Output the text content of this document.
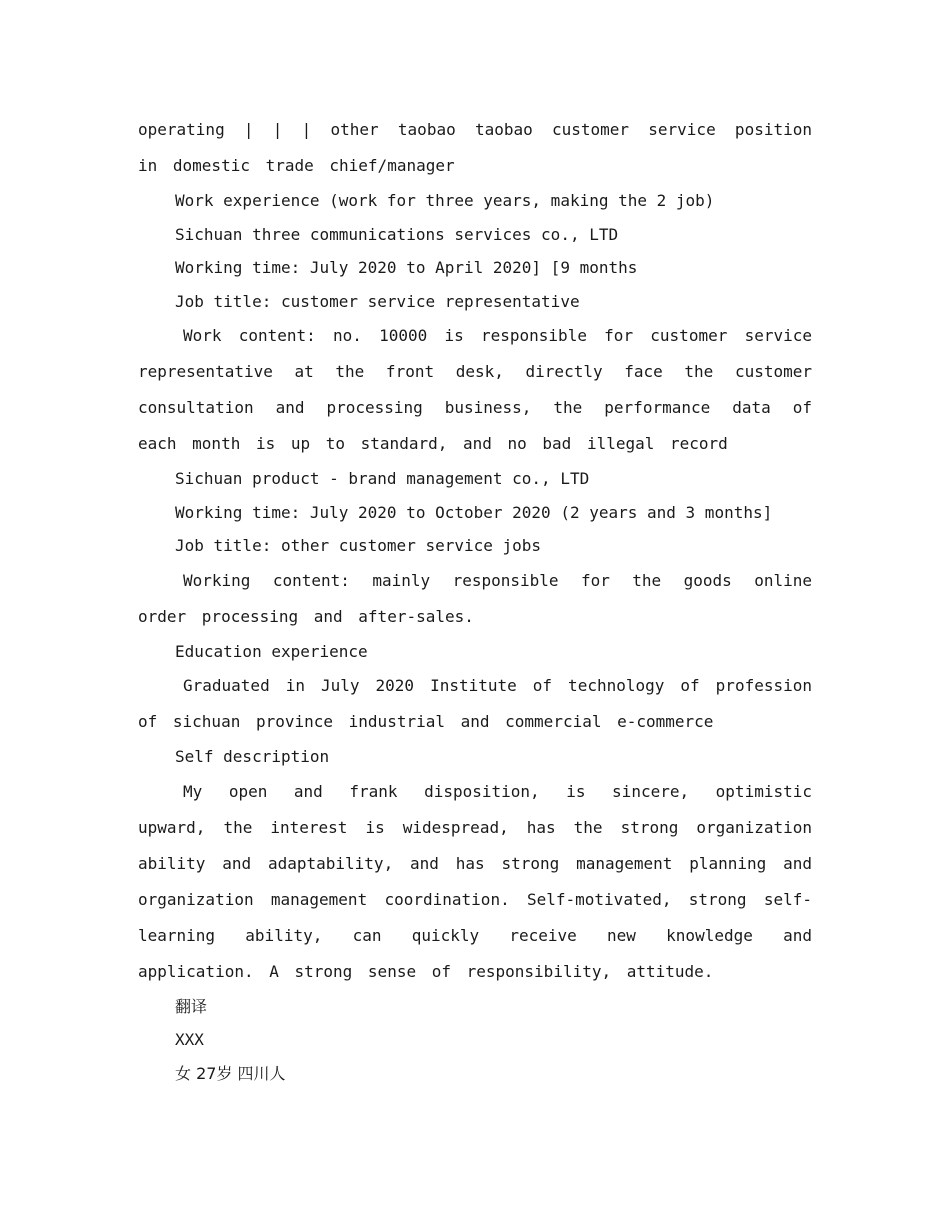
operating | | | other taobao taobao customer service position in domestic trade chief/manager

Work experience (work for three years, making the 2 job)

Sichuan three communications services co., LTD

Working time: July 2020 to April 2020] [9 months

Job title: customer service representative

Work content: no. 10000 is responsible for customer service representative at the front desk, directly face the customer consultation and processing business, the performance data of each month is up to standard, and no bad illegal record

Sichuan product - brand management co., LTD

Working time: July 2020 to October 2020 (2 years and 3 months]

Job title: other customer service jobs

Working content: mainly responsible for the goods online order processing and after-sales.

Education experience

Graduated in July 2020 Institute of technology of profession of sichuan province industrial and commercial e-commerce

Self description

My open and frank disposition, is sincere, optimistic upward, the interest is widespread, has the strong organization ability and adaptability, and has strong management planning and organization management coordination. Self-motivated, strong self-learning ability, can quickly receive new knowledge and application. A strong sense of responsibility, attitude.

翻译

XXX

女 27岁 四川人
